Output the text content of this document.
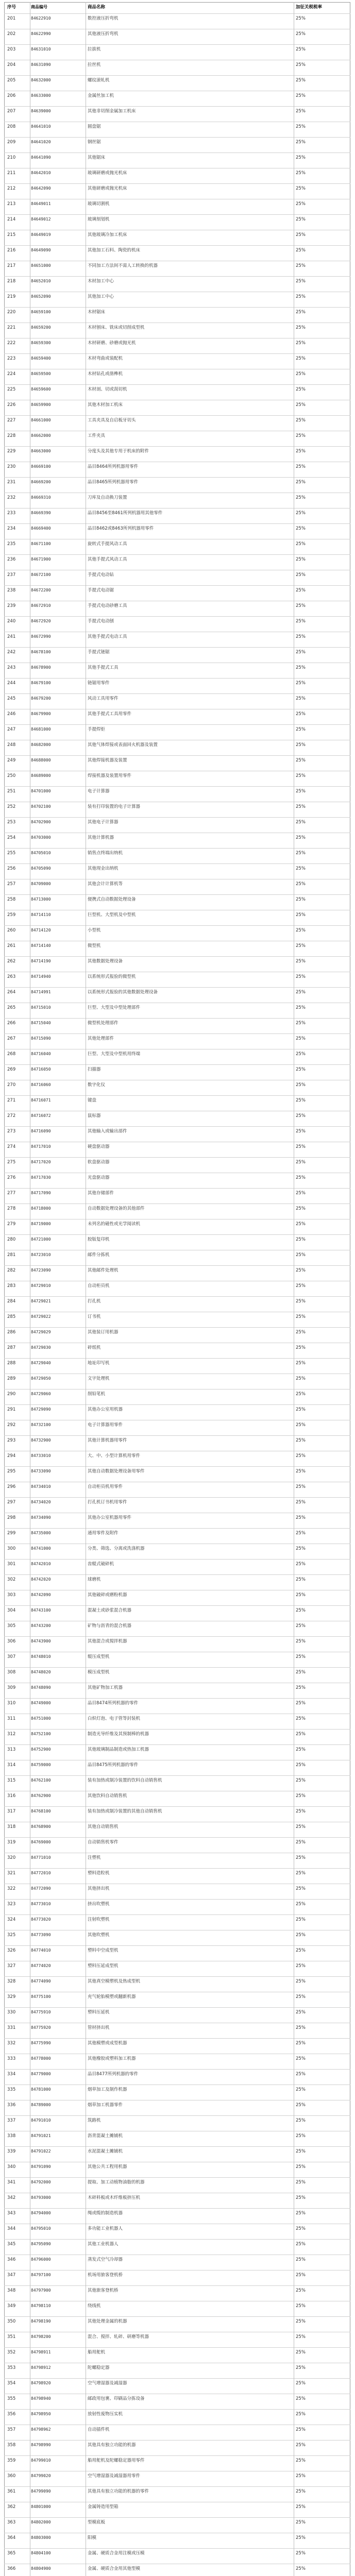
序号	商品编号	商品名称	加征关税税率
201	84622910	数控液压折弯机	25%
202	84622990	其他液压折弯机	25%
203	84631010	拉拔机	25%
204	84631090	拉丝机	25%
205	84632000	螺纹滚轧机	25%
206	84633000	金属丝加工机	25%
207	84639000	其他非切削金属加工机床	25%
208	84641010	圆盘锯	25%
209	84641020	钢丝锯	25%
210	84641090	其他锯床	25%
211	84642010	玻璃研磨或抛光机床	25%
212	84642090	其他研磨或抛光机床	25%
213	84649011	玻璃切割机	25%
214	84649012	玻璃刻划机	25%
215	84649019	其他玻璃冷加工机床	25%
216	84649090	其他加工石料、陶瓷的机床	25%
217	84651000	不同加工方法间不需人工转换的机器	25%
218	84652010	木材加工中心	25%
219	84652090	其他加工中心	25%
220	84659100	木材锯床	25%
221	84659200	木材刨床、铣床或切削成型机	25%
222	84659300	木材研磨、砂磨或抛光机	25%
223	84659400	木材弯曲或装配机	25%
224	84659500	木材钻孔或凿榫机	25%
225	84659600	木材剖、切或刮切机	25%
226	84659900	其他木材加工机床	25%
227	84661000	工具夹具及自启板牙切头	25%
228	84662000	工件夹具	25%
229	84663000	分度头及其他专用于机床的附件	25%
230	84669100	品目8464所列机器用零件	25%
231	84669200	品目8465所列机器用零件	25%
232	84669310	刀库及自动换刀装置	25%
233	84669390	品目8456至8461所列机器用其他零件	25%
234	84669400	品目8462或8463所列机器用零件	25%
235	84671100	旋转式手提风动工具	25%
236	84671900	其他手提式风动工具	25%
237	84672100	手提式电动钻	25%
238	84672200	手提式电动锯	25%
239	84672910	手提式电动砂磨工具	25%
240	84672920	手提式电动刨	25%
241	84672990	其他手提式电动工具	25%
242	84678100	手提式链锯	25%
243	84678900	其他手提式工具	25%
244	84679100	链锯用零件	25%
245	84679200	风动工具用零件	25%
246	84679900	其他手提式工具用零件	25%
247	84681000	手提焊炬	25%
248	84682000	其他气体焊接或表面回火机器及装置	25%
249	84688000	其他焊接机器及装置	25%
250	84689000	焊接机器及装置用零件	25%
251	84701000	电子计算器	25%
252	84702100	装有打印装置的电子计算器	25%
253	84702900	其他电子计算器	25%
254	84703000	其他计算机器	25%
255	84705010	销售点终端出纳机	25%
256	84705090	其他现金出纳机	25%
257	84709000	其他会计计算机等	25%
258	84713000	便携式自动数据处理设备	25%
259	84714110	巨型机、大型机及中型机	25%
260	84714120	小型机	25%
261	84714140	微型机	25%
262	84714190	其他数据处理设备	25%
263	84714940	以系统形式报验的微型机	25%
264	84714991	以系统形式报验的其他数据处理设备	25%
265	84715010	巨型、大型及中型处理部件	25%
266	84715040	微型机处理部件	25%
267	84715090	其他处理部件	25%
268	84716040	巨型、大型及中型机用终端	25%
269	84716050	扫描器	25%
270	84716060	数字化仪	25%
271	84716071	键盘	25%
272	84716072	鼠标器	25%
273	84716090	其他输入或输出部件	25%
274	84717010	硬盘驱动器	25%
275	84717020	软盘驱动器	25%
276	84717030	光盘驱动器	25%
277	84717090	其他存储部件	25%
278	84718000	自动数据处理设备的其他部件	25%
279	84719000	未列名的磁性或光学阅读机	25%
280	84721000	胶版复印机	25%
281	84723010	邮件分拣机	25%
282	84723090	其他邮件处理机	25%
283	84729010	自动柜员机	25%
284	84729021	打孔机	25%
285	84729022	订书机	25%
286	84729029	其他装订用机器	25%
287	84729030	碎纸机	25%
288	84729040	地址印写机	25%
289	84729050	文字处理机	25%
290	84729060	削铅笔机	25%
291	84729090	其他办公室用机器	25%
292	84732100	电子计算器用零件	25%
293	84732900	其他计算机器用零件	25%
294	84733010	大、中、小型计算机用零件	25%
295	84733090	其他自动数据处理设备用零件	25%
296	84734010	自动柜员机用零件	25%
297	84734020	打孔机订书机用零件	25%
298	84734090	其他办公室机器用零件	25%
299	84735000	通用零件及附件	25%
300	84741000	分类、筛选、分离或洗涤机器	25%
301	84742010	齿辊式破碎机	25%
302	84742020	球磨机	25%
303	84742090	其他破碎或磨粉机器	25%
304	84743100	混凝土或砂浆混合机器	25%
305	84743200	矿物与沥青的混合机器	25%
306	84743900	其他混合或搅拌机器	25%
307	84748010	辊压成型机	25%
308	84748020	模压成型机	25%
309	84748090	其他矿物加工机器	25%
310	84749000	品目8474所列机器的零件	25%
311	84751000	白炽灯泡、电子管等封装机	25%
312	84752100	制造光导纤维及其预制棒的机器	25%
313	84752900	其他玻璃制品制造或热加工机器	25%
314	84759000	品目8475所列机器的零件	25%
315	84762100	装有加热或制冷装置的饮料自动销售机	25%
316	84762900	其他饮料自动销售机	25%
317	84768100	装有加热或制冷装置的其他自动销售机	25%
318	84768900	其他自动销售机	25%
319	84769000	自动销售机零件	25%
320	84771010	注塑机	25%
321	84772010	塑料造粒机	25%
322	84772090	其他挤出机	25%
323	84773010	挤出吹塑机	25%
324	84773020	注射吹塑机	25%
325	84773090	其他吹塑机	25%
326	84774010	塑料中空成型机	25%
327	84774020	塑料压延成型机	25%
328	84774090	其他真空模塑机及热成型机	25%
329	84775100	充气轮胎模塑或翻新机器	25%
330	84775910	塑料压延机	25%
331	84775920	管材挤出机	25%
332	84775990	其他模塑或成型机器	25%
333	84778000	其他橡胶或塑料加工机器	25%
334	84779000	品目8477所列机器的零件	25%
335	84781000	烟草加工及制作机器	25%
336	84789000	烟草加工机器零件	25%
337	84791010	筑路机	25%
338	84791021	沥青混凝土摊铺机	25%
339	84791022	水泥混凝土摊铺机	25%
340	84791090	其他公共工程用机器	25%
341	84792000	提取、加工动植物油脂的机器	25%
342	84793000	木碎料板或木纤维板挤压机	25%
343	84794000	绳或缆的制造机器	25%
344	84795010	多功能工业机器人	25%
345	84795090	其他工业机器人	25%
346	84796000	蒸发式空气冷却器	25%
347	84797100	机场用旅客登机桥	25%
348	84797900	其他旅客登机桥	25%
349	84798110	绕线机	25%
350	84798190	其他处理金属的机器	25%
351	84798200	混合、搅拌、轧碎、研磨等机器	25%
352	84798911	船用舵机	25%
353	84798912	陀螺稳定器	25%
354	84798920	空气增湿器及减湿器	25%
355	84798940	邮政用包裹、印刷品分拣设备	25%
356	84798950	放射性废物压实机	25%
357	84798962	自动插件机	25%
358	84798990	其他具有独立功能的机器	25%
359	84799010	船用舵机及陀螺稳定器用零件	25%
360	84799020	空气增湿器及减湿器用零件	25%
361	84799090	其他具有独立功能的机器的零件	25%
362	84801000	金属铸造用型箱	25%
363	84802000	型模底板	25%
364	84803000	阳模	25%
365	84804100	金属、硬质合金用注模或压模	25%
366	84804900	金属、硬质合金用其他型模	25%
